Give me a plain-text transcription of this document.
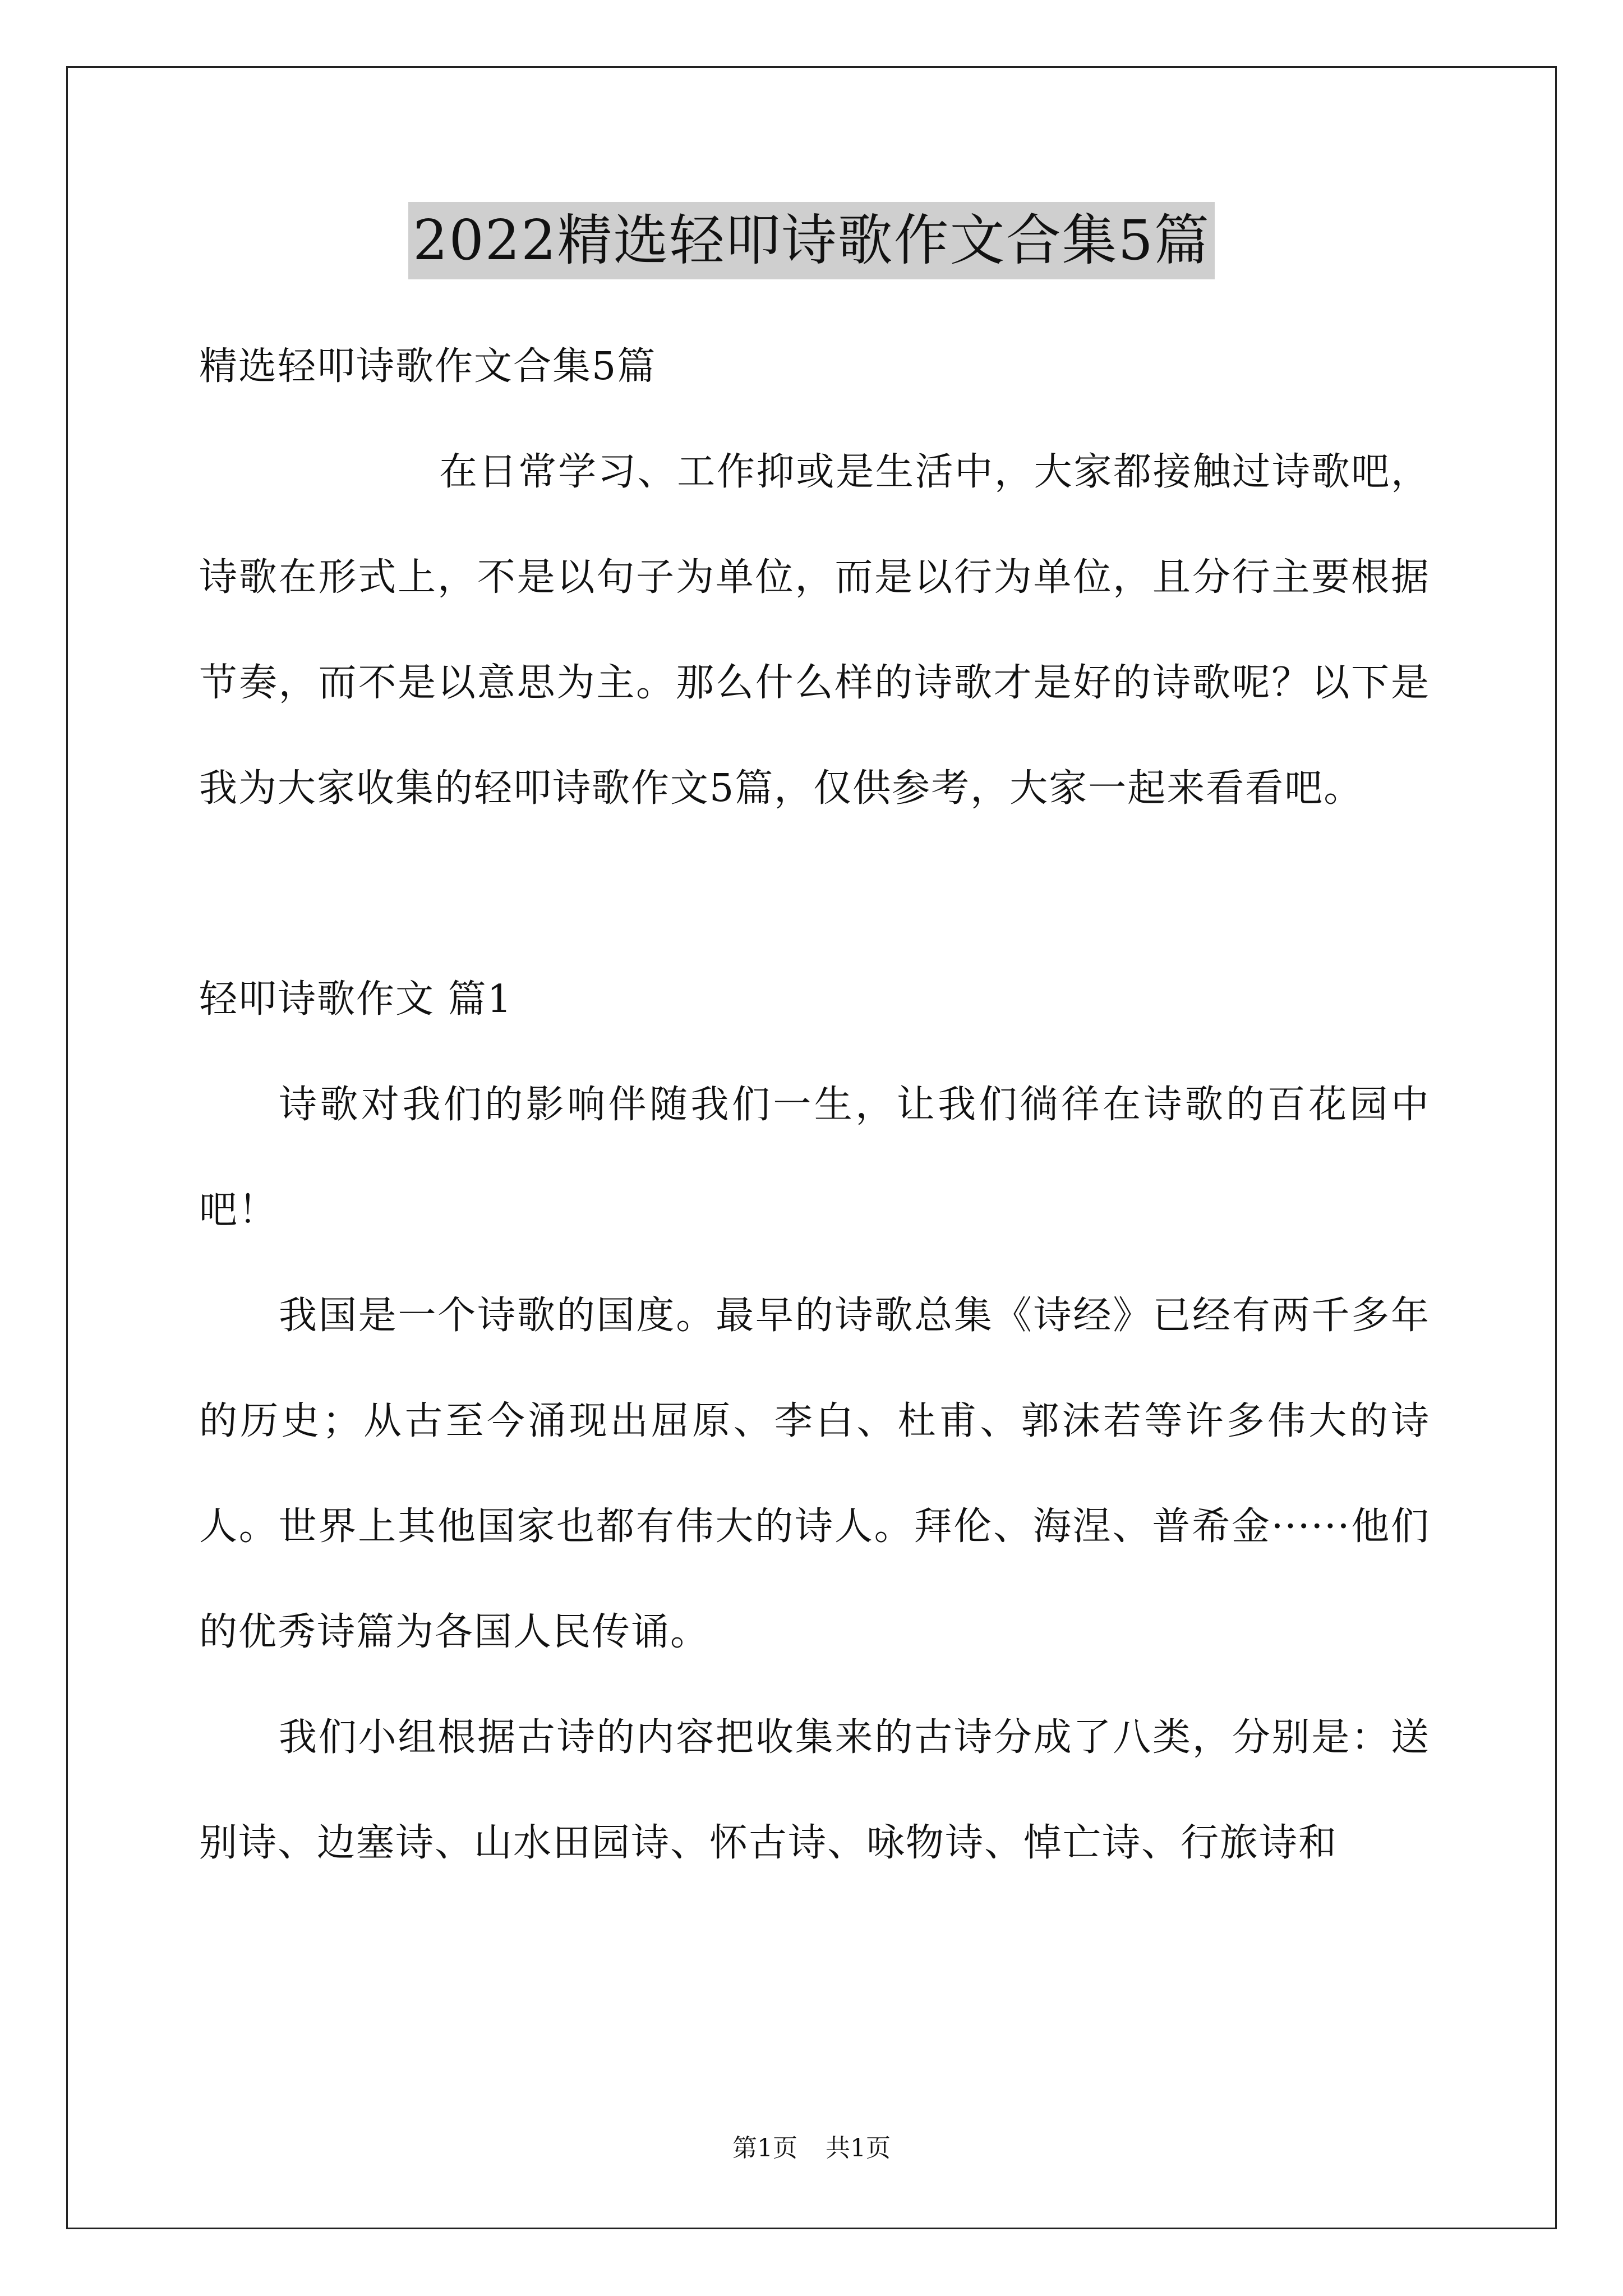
2022精选轻叩诗歌作文合集5篇

精选轻叩诗歌作文合集5篇

在日常学习、工作抑或是生活中，大家都接触过诗歌吧，诗歌在形式上，不是以句子为单位，而是以行为单位，且分行主要根据节奏，而不是以意思为主。那么什么样的诗歌才是好的诗歌呢？以下是我为大家收集的轻叩诗歌作文5篇，仅供参考，大家一起来看看吧。

轻叩诗歌作文 篇1

诗歌对我们的影响伴随我们一生，让我们徜徉在诗歌的百花园中吧！

我国是一个诗歌的国度。最早的诗歌总集《诗经》已经有两千多年的历史；从古至今涌现出屈原、李白、杜甫、郭沫若等许多伟大的诗人。世界上其他国家也都有伟大的诗人。拜伦、海涅、普希金······他们的优秀诗篇为各国人民传诵。

我们小组根据古诗的内容把收集来的古诗分成了八类，分别是：送别诗、边塞诗、山水田园诗、怀古诗、咏物诗、悼亡诗、行旅诗和

第1页 共1页
